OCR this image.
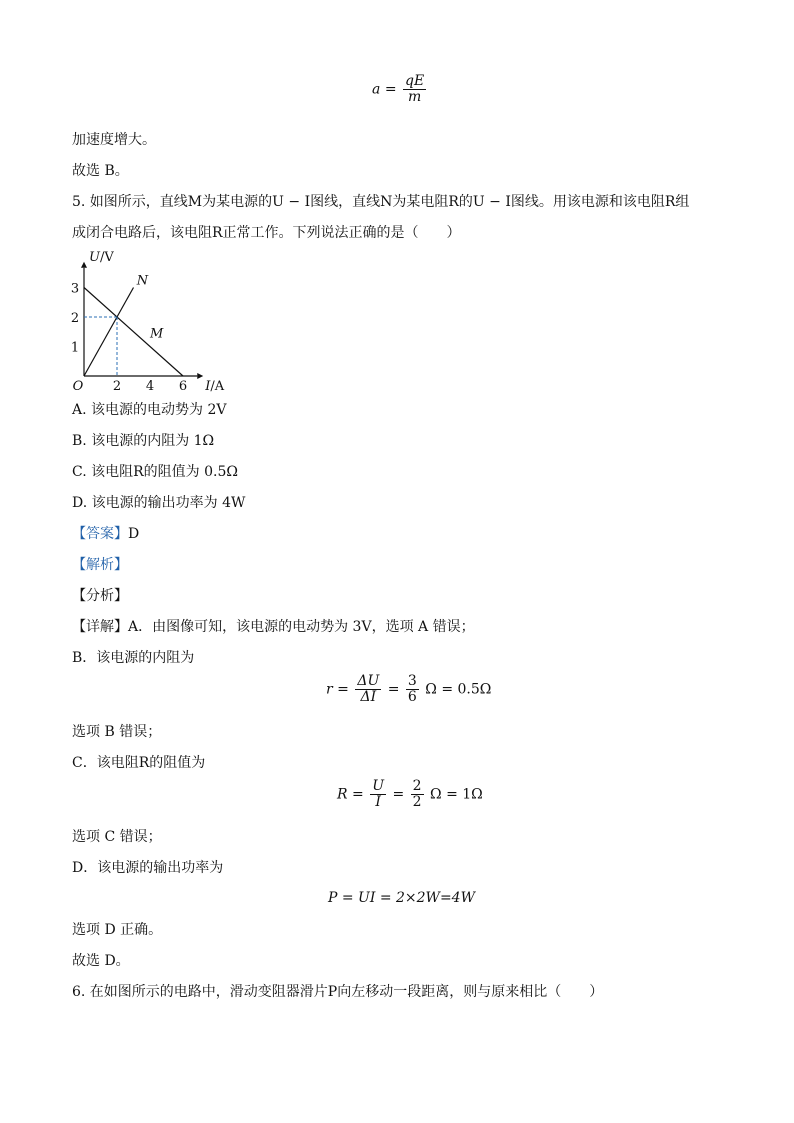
$a = \frac{qE}{m}$
加速度增大。
故选 B。
5. 如图所示，直线M为某电源的U − I图线，直线N为某电阻R的U − I图线。用该电源和该电阻R组
成闭合电路后，该电阻R正常工作。下列说法正确的是（　　）
U/V
I/A
O 2 4 6
1
2
3
N
M
A. 该电源的电动势为 2V
B. 该电源的内阻为 1Ω
C. 该电阻R的阻值为 0.5Ω
D. 该电源的输出功率为 4W
【答案】D
【解析】
【分析】
【详解】A．由图像可知，该电源的电动势为 3V，选项 A 错误；
B．该电源的内阻为
$r = \frac{\Delta U}{\Delta I} = \frac{3}{6}$ Ω = 0.5Ω
选项 B 错误；
C．该电阻R的阻值为
$R = \frac{U}{I} = \frac{2}{2}$ Ω = 1Ω
选项 C 错误；
D．该电源的输出功率为
P = UI = 2×2W=4W
选项 D 正确。
故选 D。
6. 在如图所示的电路中，滑动变阻器滑片P向左移动一段距离，则与原来相比（　　）
